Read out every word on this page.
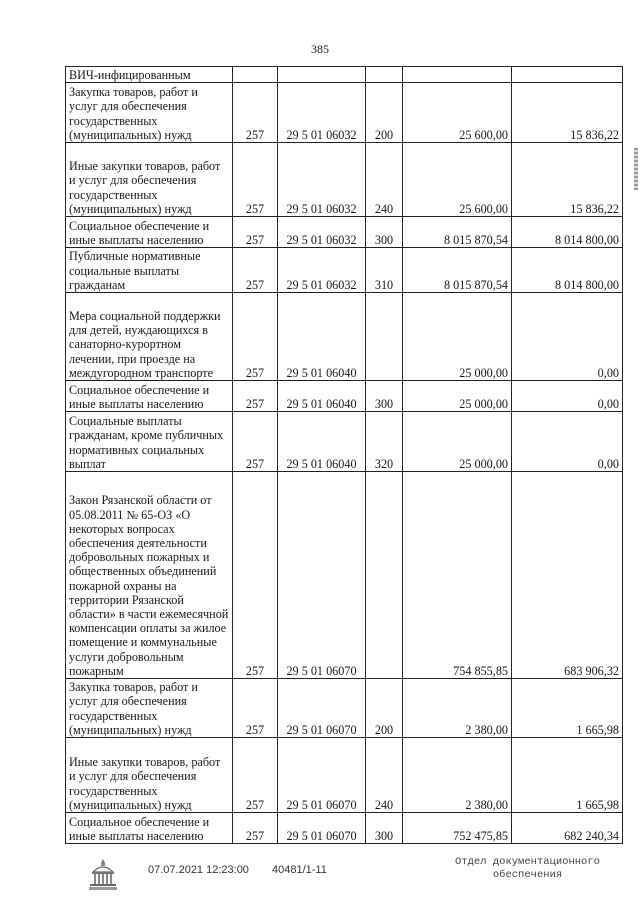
385
ВИЧ-инфицированным					
Закупка товаров, работ и услуг для обеспечения государственных (муниципальных) нужд	257	29 5 01 06032	200	25 600,00	15 836,22
Иные закупки товаров, работ и услуг для обеспечения государственных (муниципальных) нужд	257	29 5 01 06032	240	25 600,00	15 836,22
Социальное обеспечение и иные выплаты населению	257	29 5 01 06032	300	8 015 870,54	8 014 800,00
Публичные нормативные социальные выплаты гражданам	257	29 5 01 06032	310	8 015 870,54	8 014 800,00
Мера социальной поддержки для детей, нуждающихся в санаторно-курортном лечении, при проезде на междугородном транспорте	257	29 5 01 06040		25 000,00	0,00
Социальное обеспечение и иные выплаты населению	257	29 5 01 06040	300	25 000,00	0,00
Социальные выплаты гражданам, кроме публичных нормативных социальных выплат	257	29 5 01 06040	320	25 000,00	0,00
Закон Рязанской области от 05.08.2011 № 65-ОЗ «О некоторых вопросах обеспечения деятельности добровольных пожарных и общественных объединений пожарной охраны на территории Рязанской области» в части ежемесячной компенсации оплаты за жилое помещение и коммунальные услуги добровольным пожарным	257	29 5 01 06070		754 855,85	683 906,32
Закупка товаров, работ и услуг для обеспечения государственных (муниципальных) нужд	257	29 5 01 06070	200	2 380,00	1 665,98
Иные закупки товаров, работ и услуг для обеспечения государственных (муниципальных) нужд	257	29 5 01 06070	240	2 380,00	1 665,98
Социальное обеспечение и иные выплаты населению	257	29 5 01 06070	300	752 475,85	682 240,34
07.07.2021 12:23:00 40481/1-11
Отдел документационного
обеспечения
